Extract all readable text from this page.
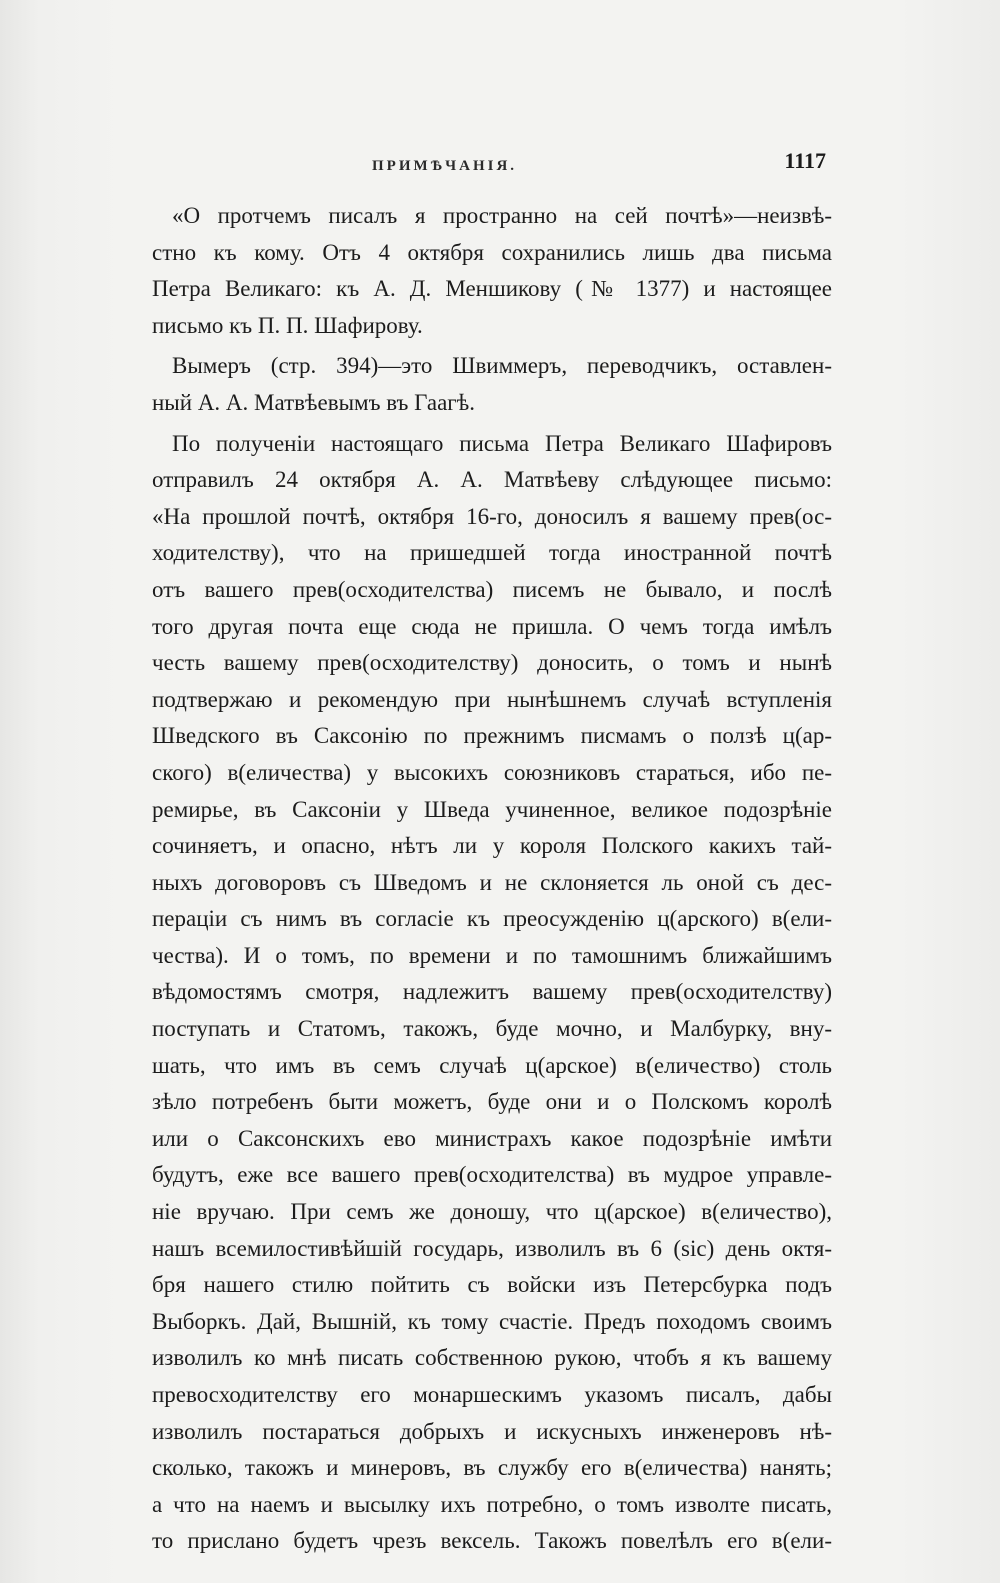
ПРИМѢЧАНІЯ.	1117
«О протчемъ писалъ я пространно на сей почтѣ»—неизвѣ-
стно къ кому. Отъ 4 октября сохранились лишь два письма
Петра Великаго: къ А. Д. Меншикову (№ 1377) и настоящее
письмо къ П. П. Шафирову.
Вымеръ (стр. 394)—это Швиммеръ, переводчикъ, оставлен-
ный А. А. Матвѣевымъ въ Гаагѣ.
По полученіи настоящаго письма Петра Великаго Шафировъ
отправилъ 24 октября А. А. Матвѣеву слѣдующее письмо:
«На прошлой почтѣ, октября 16-го, доносилъ я вашему прев(ос-
ходителству), что на пришедшей тогда иностранной почтѣ
отъ вашего прев(осходителства) писемъ не бывало, и послѣ
того другая почта еще сюда не пришла. О чемъ тогда имѣлъ
честь вашему прев(осходителству) доносить, о томъ и нынѣ
подтвержаю и рекомендую при нынѣшнемъ случаѣ вступленія
Шведского въ Саксонію по прежнимъ писмамъ о ползѣ ц(ар-
ского) в(еличества) у высокихъ союзниковъ стараться, ибо пе-
ремирье, въ Саксоніи у Шведа учиненное, великое подозрѣніе
сочиняетъ, и опасно, нѣтъ ли у короля Полского какихъ тай-
ныхъ договоровъ съ Шведомъ и не склоняется ль оной съ дес-
пераціи съ нимъ въ согласіе къ преосужденію ц(арского) в(ели-
чества). И о томъ, по времени и по тамошнимъ ближайшимъ
вѣдомостямъ смотря, надлежитъ вашему прев(осходителству)
поступать и Статомъ, такожъ, буде мочно, и Малбурку, вну-
шать, что имъ въ семъ случаѣ ц(арское) в(еличество) столь
зѣло потребенъ быти можетъ, буде они и о Полскомъ королѣ
или о Саксонскихъ ево министрахъ какое подозрѣніе имѣти
будутъ, еже все вашего прев(осходителства) въ мудрое управле-
ніе вручаю. При семъ же доношу, что ц(арское) в(еличество),
нашъ всемилостивѣйшій государь, изволилъ въ 6 (sic) день октя-
бря нашего стилю пойтить съ войски изъ Петерсбурка подъ
Выборкъ. Дай, Вышній, къ тому счастіе. Предъ походомъ своимъ
изволилъ ко мнѣ писать собственною рукою, чтобъ я къ вашему
превосходителству его монаршескимъ указомъ писалъ, дабы
изволилъ постараться добрыхъ и искусныхъ инженеровъ нѣ-
сколько, такожъ и минеровъ, въ службу его в(еличества) нанять;
а что на наемъ и высылку ихъ потребно, о томъ изволте писать,
то прислано будетъ чрезъ вексель. Такожъ повелѣлъ его в(ели-
